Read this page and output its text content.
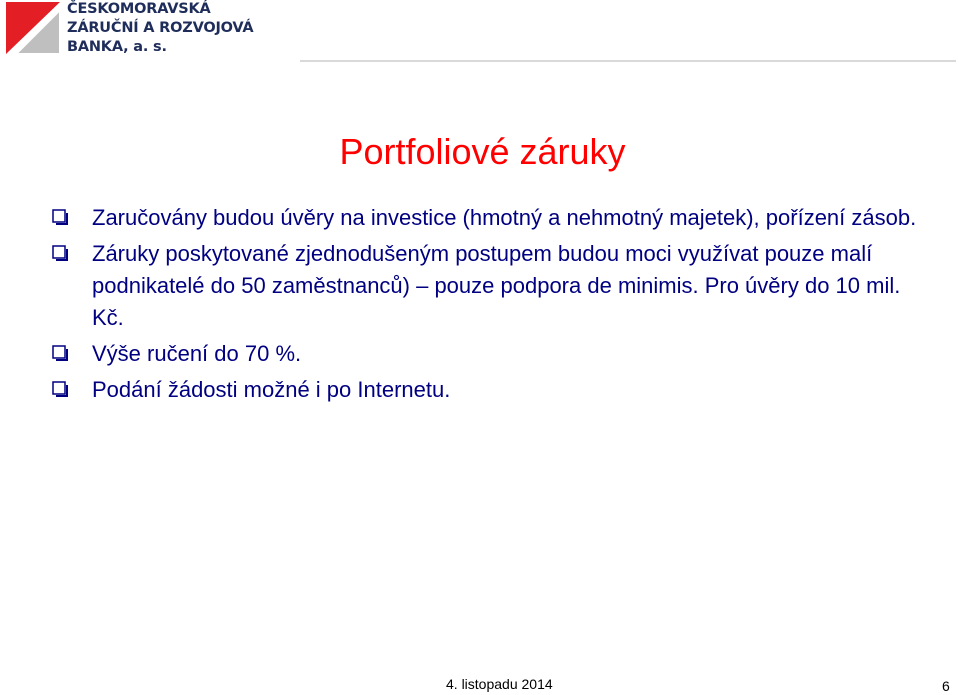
ČESKOMORAVSKÁ
ZÁRUČNÍ A ROZVOJOVÁ
BANKA, a. s.
Portfoliové záruky
Zaručovány budou úvěry na investice (hmotný a nehmotný majetek), pořízení zásob.
Záruky poskytované zjednodušeným postupem budou moci využívat pouze malí podnikatelé do 50 zaměstnanců) – pouze podpora de minimis. Pro úvěry do 10 mil. Kč.
Výše ručení do 70 %.
Podání žádosti možné i po Internetu.
4. listopadu 2014	6
